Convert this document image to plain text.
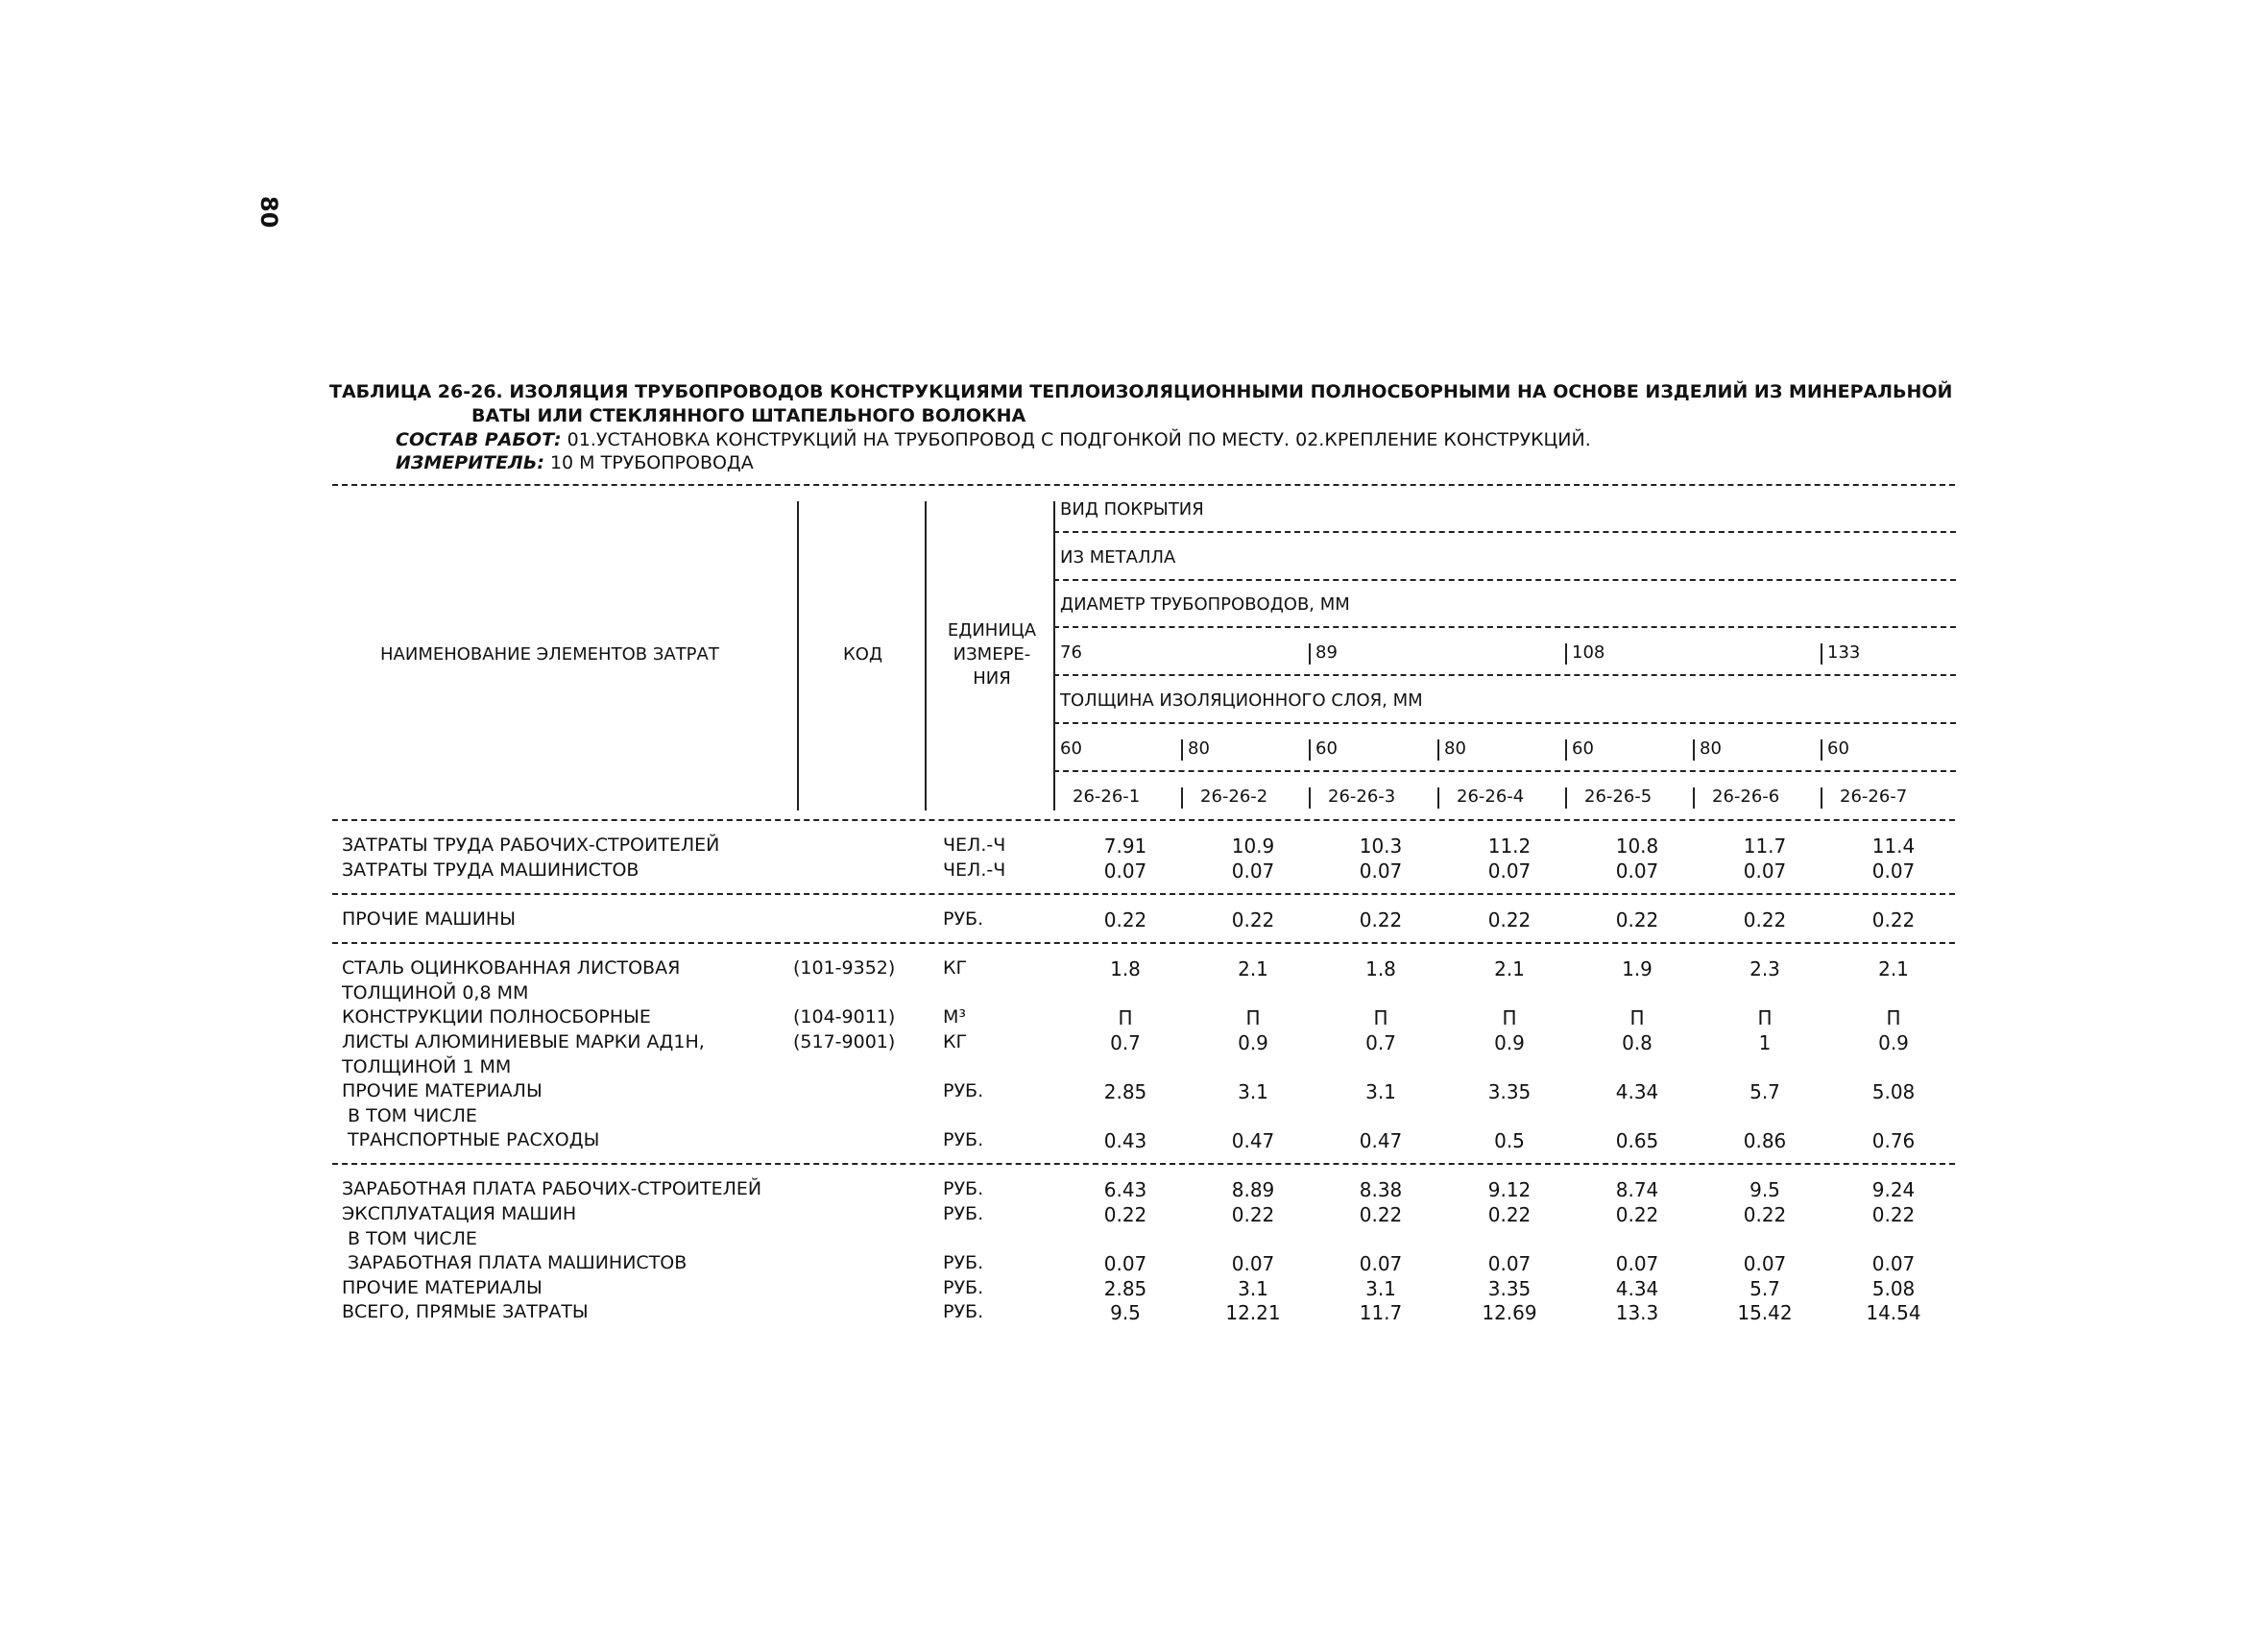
80
ТАБЛИЦА 26-26. ИЗОЛЯЦИЯ ТРУБОПРОВОДОВ КОНСТРУКЦИЯМИ ТЕПЛОИЗОЛЯЦИОННЫМИ ПОЛНОСБОРНЫМИ НА ОСНОВЕ ИЗДЕЛИЙ ИЗ МИНЕРАЛЬНОЙ
ВАТЫ ИЛИ СТЕКЛЯННОГО ШТАПЕЛЬНОГО ВОЛОКНА
СОСТАВ РАБОТ: 01.УСТАНОВКА КОНСТРУКЦИЙ НА ТРУБОПРОВОД С ПОДГОНКОЙ ПО МЕСТУ. 02.КРЕПЛЕНИЕ КОНСТРУКЦИЙ.
ИЗМЕРИТЕЛЬ: 10 М ТРУБОПРОВОДА
НАИМЕНОВАНИЕ ЭЛЕМЕНТОВ ЗАТРАТ	КОД
ЕДИНИЦА
ИЗМЕРЕ-
НИЯ
ВИД ПОКРЫТИЯ
ИЗ МЕТАЛЛА
ДИАМЕТР ТРУБОПРОВОДОВ, ММ
76	89	108	133
ТОЛЩИНА ИЗОЛЯЦИОННОГО СЛОЯ, ММ
60	80	60	80	60	80	60
26-26-1	26-26-2	26-26-3	26-26-4	26-26-5	26-26-6	26-26-7
ЗАТРАТЫ ТРУДА РАБОЧИХ-СТРОИТЕЛЕЙ	ЧЕЛ.-Ч	7.91	10.9	10.3	11.2	10.8	11.7	11.4
ЗАТРАТЫ ТРУДА МАШИНИСТОВ	ЧЕЛ.-Ч	0.07	0.07	0.07	0.07	0.07	0.07	0.07
ПРОЧИЕ МАШИНЫ	РУБ.	0.22	0.22	0.22	0.22	0.22	0.22	0.22
СТАЛЬ ОЦИНКОВАННАЯ ЛИСТОВАЯ	(101-9352)	КГ	1.8	2.1	1.8	2.1	1.9	2.3	2.1
ТОЛЩИНОЙ 0,8 ММ
КОНСТРУКЦИИ ПОЛНОСБОРНЫЕ	(104-9011)	М³	П	П	П	П	П	П	П
ЛИСТЫ АЛЮМИНИЕВЫЕ МАРКИ АД1Н,	(517-9001)	КГ	0.7	0.9	0.7	0.9	0.8	1	0.9
ТОЛЩИНОЙ 1 ММ
ПРОЧИЕ МАТЕРИАЛЫ	РУБ.	2.85	3.1	3.1	3.35	4.34	5.7	5.08
В ТОМ ЧИСЛЕ
ТРАНСПОРТНЫЕ РАСХОДЫ	РУБ.	0.43	0.47	0.47	0.5	0.65	0.86	0.76
ЗАРАБОТНАЯ ПЛАТА РАБОЧИХ-СТРОИТЕЛЕЙ	РУБ.	6.43	8.89	8.38	9.12	8.74	9.5	9.24
ЭКСПЛУАТАЦИЯ МАШИН	РУБ.	0.22	0.22	0.22	0.22	0.22	0.22	0.22
В ТОМ ЧИСЛЕ
ЗАРАБОТНАЯ ПЛАТА МАШИНИСТОВ	РУБ.	0.07	0.07	0.07	0.07	0.07	0.07	0.07
ПРОЧИЕ МАТЕРИАЛЫ	РУБ.	2.85	3.1	3.1	3.35	4.34	5.7	5.08
ВСЕГО, ПРЯМЫЕ ЗАТРАТЫ	РУБ.	9.5	12.21	11.7	12.69	13.3	15.42	14.54
